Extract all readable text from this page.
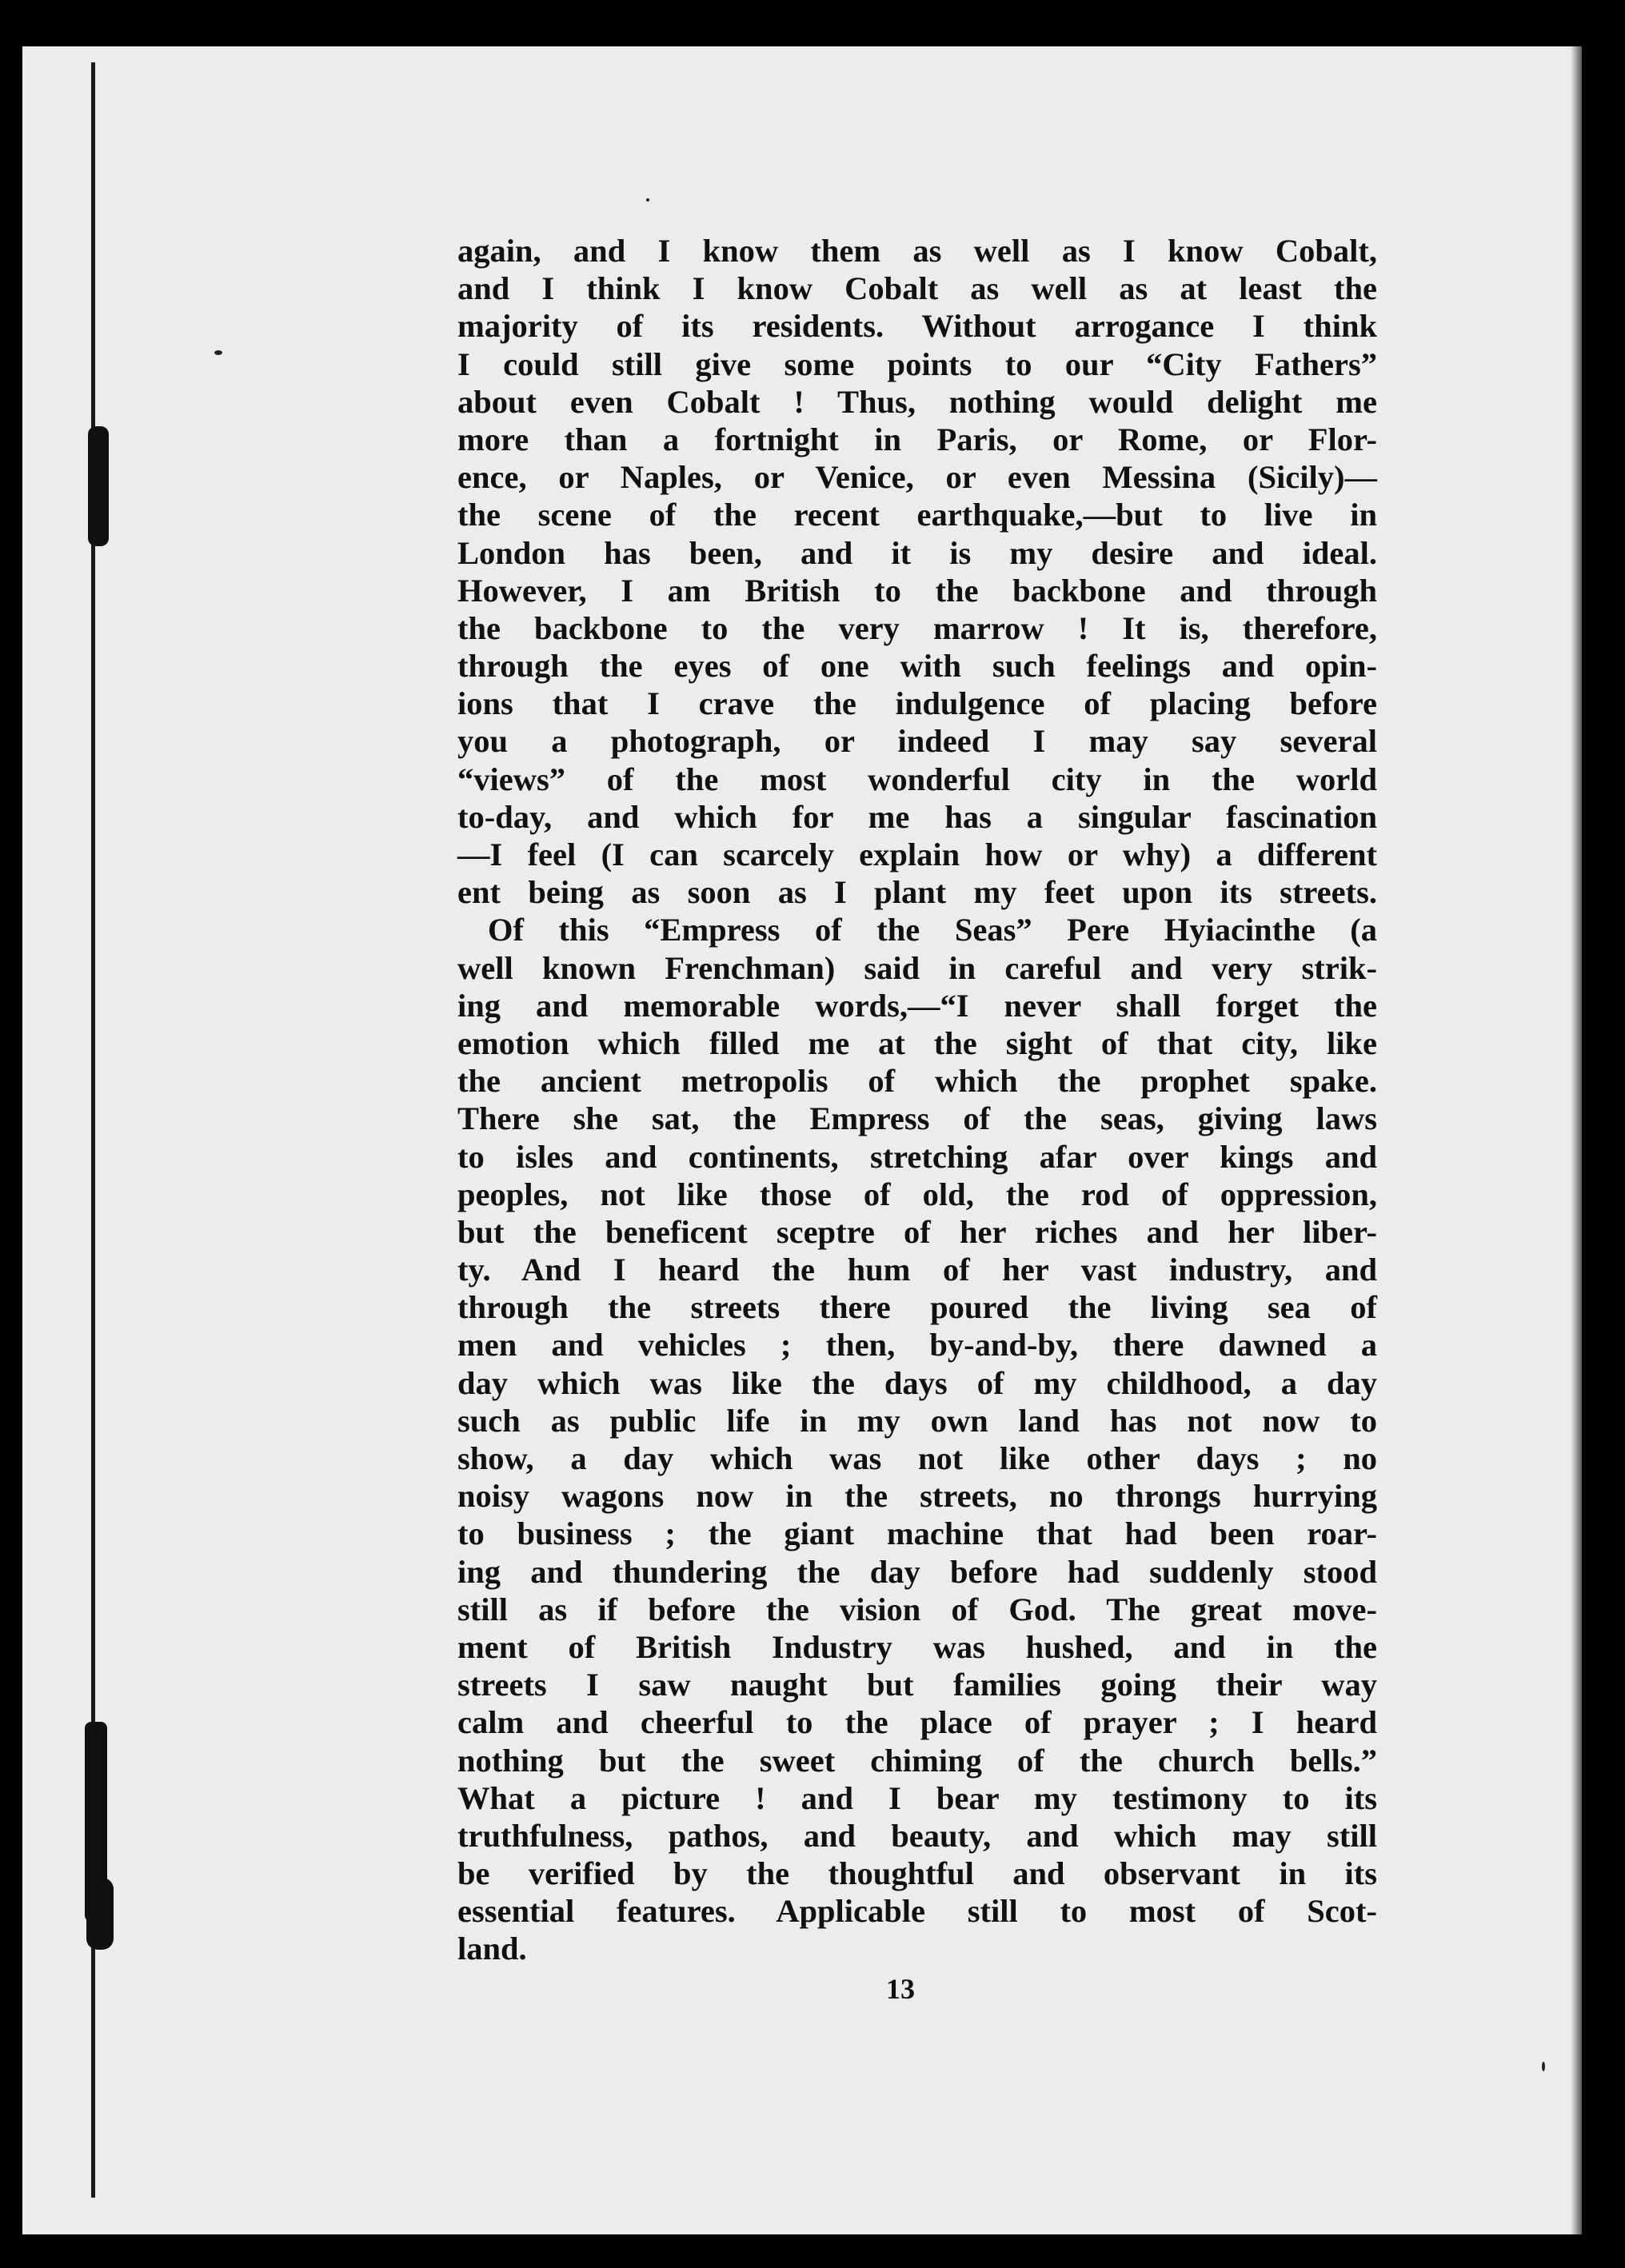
again, and I know them as well as I know Cobalt,
and I think I know Cobalt as well as at least the
majority of its residents. Without arrogance I think
I could still give some points to our “City Fathers”
about even Cobalt ! Thus, nothing would delight me
more than a fortnight in Paris, or Rome, or Flor-
ence, or Naples, or Venice, or even Messina (Sicily)—
the scene of the recent earthquake,—but to live in
London has been, and it is my desire and ideal.
However, I am British to the backbone and through
the backbone to the very marrow ! It is, therefore,
through the eyes of one with such feelings and opin-
ions that I crave the indulgence of placing before
you a photograph, or indeed I may say several
“views” of the most wonderful city in the world
to-day, and which for me has a singular fascination
—I feel (I can scarcely explain how or why) a different
ent being as soon as I plant my feet upon its streets.
Of this “Empress of the Seas” Pere Hyiacinthe (a
well known Frenchman) said in careful and very strik-
ing and memorable words,—“I never shall forget the
emotion which filled me at the sight of that city, like
the ancient metropolis of which the prophet spake.
There she sat, the Empress of the seas, giving laws
to isles and continents, stretching afar over kings and
peoples, not like those of old, the rod of oppression,
but the beneficent sceptre of her riches and her liber-
ty. And I heard the hum of her vast industry, and
through the streets there poured the living sea of
men and vehicles ; then, by-and-by, there dawned a
day which was like the days of my childhood, a day
such as public life in my own land has not now to
show, a day which was not like other days ; no
noisy wagons now in the streets, no throngs hurrying
to business ; the giant machine that had been roar-
ing and thundering the day before had suddenly stood
still as if before the vision of God. The great move-
ment of British Industry was hushed, and in the
streets I saw naught but families going their way
calm and cheerful to the place of prayer ; I heard
nothing but the sweet chiming of the church bells.”
What a picture ! and I bear my testimony to its
truthfulness, pathos, and beauty, and which may still
be verified by the thoughtful and observant in its
essential features. Applicable still to most of Scot-
land.
13
